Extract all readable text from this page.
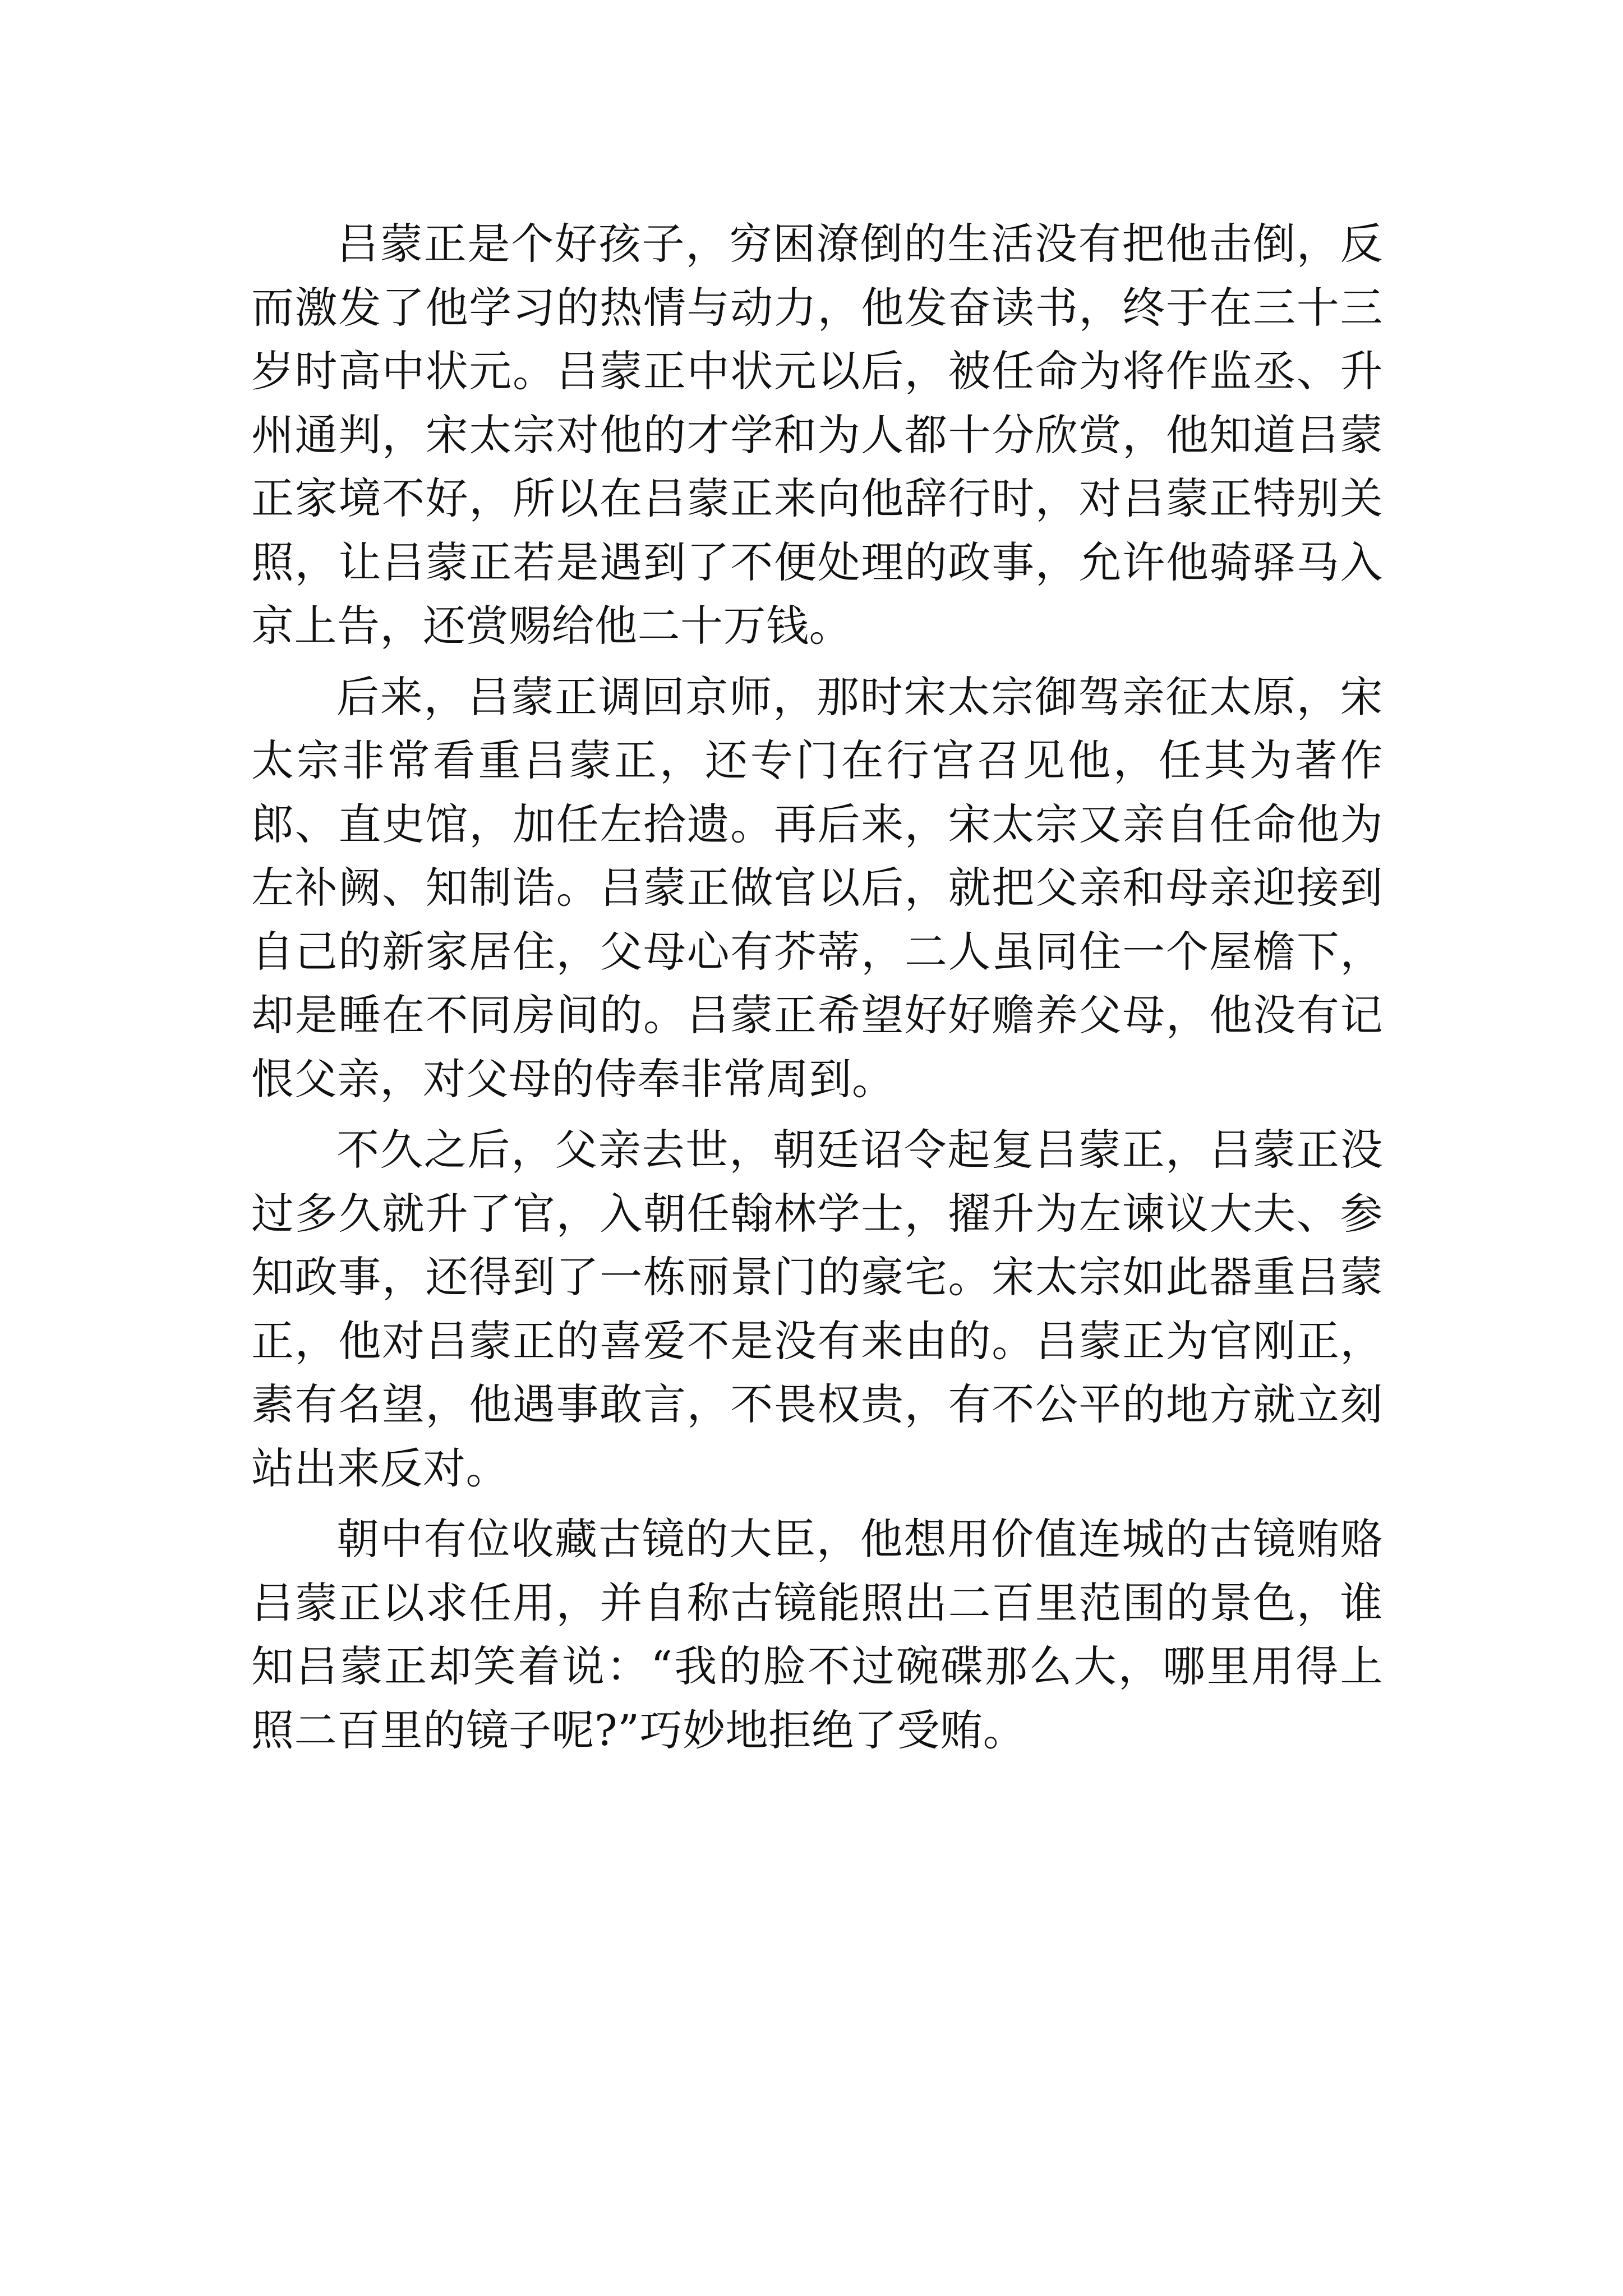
吕蒙正是个好孩子，穷困潦倒的生活没有把他击倒，反而激发了他学习的热情与动力，他发奋读书，终于在三十三岁时高中状元。吕蒙正中状元以后，被任命为将作监丞、升州通判，宋太宗对他的才学和为人都十分欣赏，他知道吕蒙正家境不好，所以在吕蒙正来向他辞行时，对吕蒙正特别关照，让吕蒙正若是遇到了不便处理的政事，允许他骑驿马入京上告，还赏赐给他二十万钱。

后来，吕蒙正调回京师，那时宋太宗御驾亲征太原，宋太宗非常看重吕蒙正，还专门在行宫召见他，任其为著作郎、直史馆，加任左拾遗。再后来，宋太宗又亲自任命他为左补阙、知制诰。吕蒙正做官以后，就把父亲和母亲迎接到自己的新家居住，父母心有芥蒂，二人虽同住一个屋檐下，却是睡在不同房间的。吕蒙正希望好好赡养父母，他没有记恨父亲，对父母的侍奉非常周到。

不久之后，父亲去世，朝廷诏令起复吕蒙正，吕蒙正没过多久就升了官，入朝任翰林学士，擢升为左谏议大夫、参知政事，还得到了一栋丽景门的豪宅。宋太宗如此器重吕蒙正，他对吕蒙正的喜爱不是没有来由的。吕蒙正为官刚正，素有名望，他遇事敢言，不畏权贵，有不公平的地方就立刻站出来反对。

朝中有位收藏古镜的大臣，他想用价值连城的古镜贿赂吕蒙正以求任用，并自称古镜能照出二百里范围的景色，谁知吕蒙正却笑着说：“我的脸不过碗碟那么大，哪里用得上照二百里的镜子呢?”巧妙地拒绝了受贿。
